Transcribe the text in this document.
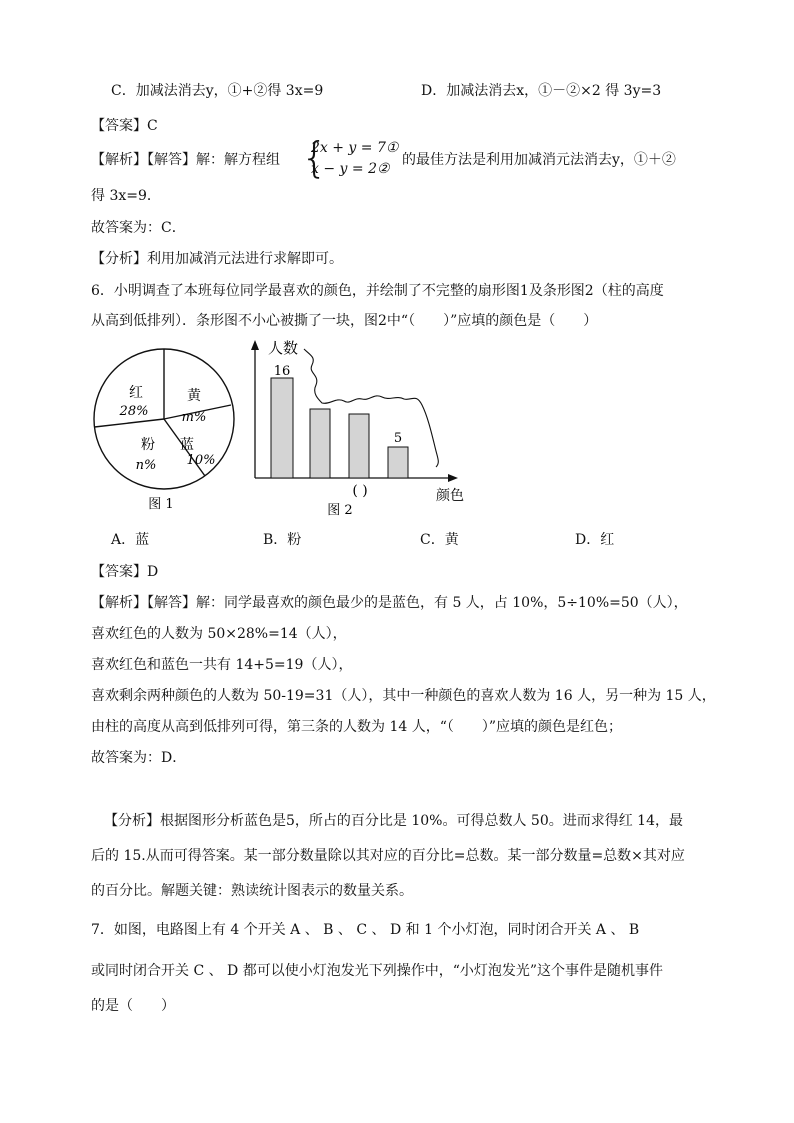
C．加减法消去y，①+②得 3x=9	D．加减法消去x，①－②×2 得 3y=3
【答案】C
【解析】【解答】解：解方程组 {
2x + y = 7①
x − y = 2②
的最佳方法是利用加减消元法消去y，①＋②
得 3x=9．
故答案为：C．
【分析】利用加减消元法进行求解即可。
6．小明调查了本班每位同学最喜欢的颜色，并绘制了不完整的扇形图1及条形图2（柱的高度
从高到低排列）．条形图不小心被撕了一块，图2中“（　　）”应填的颜色是（　　）
红
28%
黄
m%
粉
n%
蓝
10%
图 1
人数
16
5
( )	颜色
图 2
A．蓝	B．粉	C．黄	D．红
【答案】D
【解析】【解答】解：同学最喜欢的颜色最少的是蓝色，有 5 人，占 10%，5÷10%=50（人），
喜欢红色的人数为 50×28%=14（人），
喜欢红色和蓝色一共有 14+5=19（人），
喜欢剩余两种颜色的人数为 50-19=31（人），其中一种颜色的喜欢人数为 16 人，另一种为 15 人，
由柱的高度从高到低排列可得，第三条的人数为 14 人，“（　　）”应填的颜色是红色；
故答案为：D．
【分析】根据图形分析蓝色是5，所占的百分比是 10%。可得总数人 50。进而求得红 14，最
后的 15.从而可得答案。某一部分数量除以其对应的百分比=总数。某一部分数量=总数×其对应
的百分比。解题关键：熟读统计图表示的数量关系。
7．如图，电路图上有 4 个开关 A 、 B 、 C 、 D 和 1 个小灯泡，同时闭合开关 A 、 B
或同时闭合开关 C 、 D 都可以使小灯泡发光下列操作中，“小灯泡发光”这个事件是随机事件
的是（　　）
